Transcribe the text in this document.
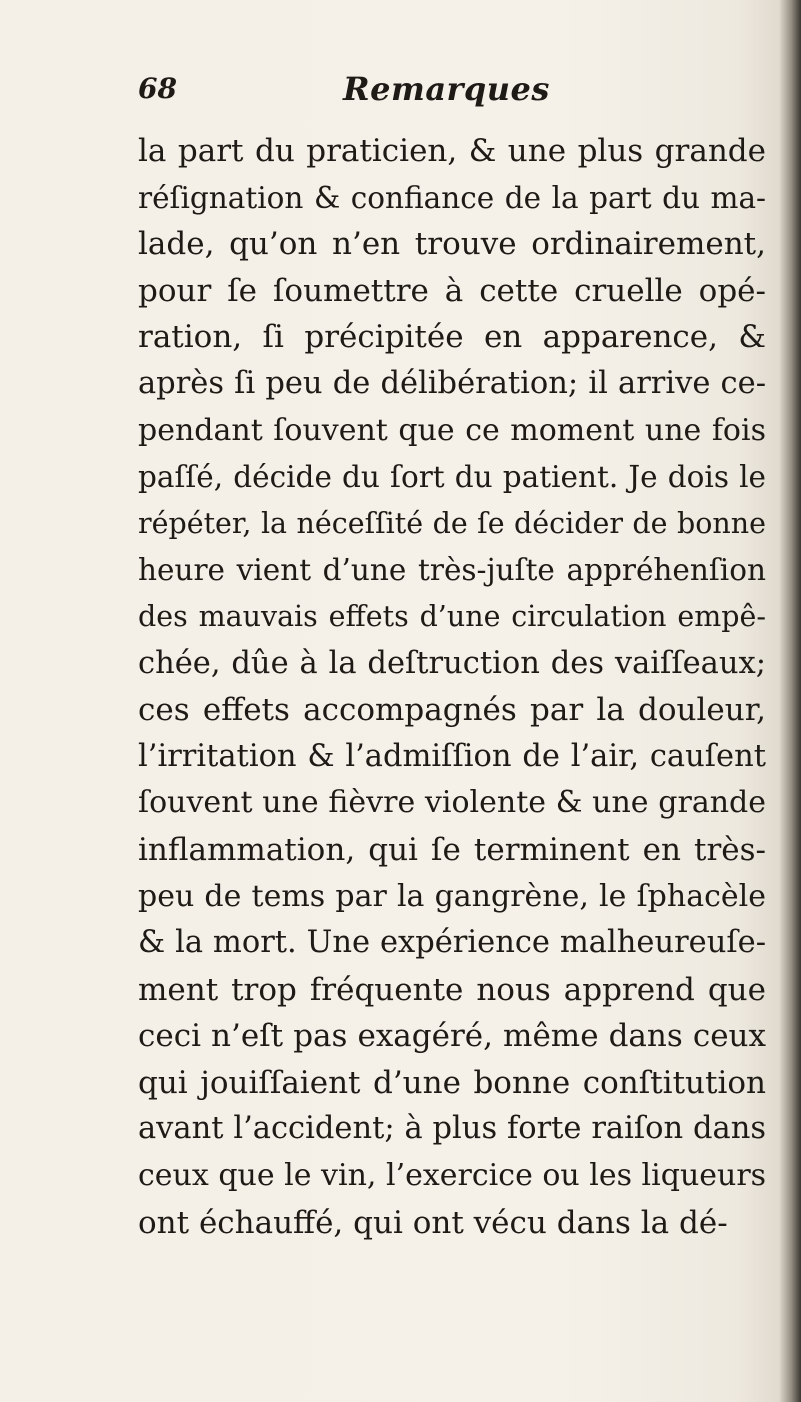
68	Remarques
la part du praticien, & une plus grande
réſignation & confiance de la part du ma-
lade, qu’on n’en trouve ordinairement,
pour ſe ſoumettre à cette cruelle opé-
ration, ſi précipitée en apparence, &
après ſi peu de délibération; il arrive ce-
pendant ſouvent que ce moment une fois
paſſé, décide du ſort du patient. Je dois le
répéter, la néceſſité de ſe décider de bonne
heure vient d’une très-juſte appréhenſion
des mauvais effets d’une circulation empê-
chée, dûe à la deſtruction des vaiſſeaux;
ces effets accompagnés par la douleur,
l’irritation & l’admiſſion de l’air, cauſent
ſouvent une fièvre violente & une grande
inflammation, qui ſe terminent en très-
peu de tems par la gangrène, le ſphacèle
& la mort. Une expérience malheureuſe-
ment trop fréquente nous apprend que
ceci n’eſt pas exagéré, même dans ceux
qui jouiſſaient d’une bonne conſtitution
avant l’accident; à plus forte raiſon dans
ceux que le vin, l’exercice ou les liqueurs
ont échauffé, qui ont vécu dans la dé-
